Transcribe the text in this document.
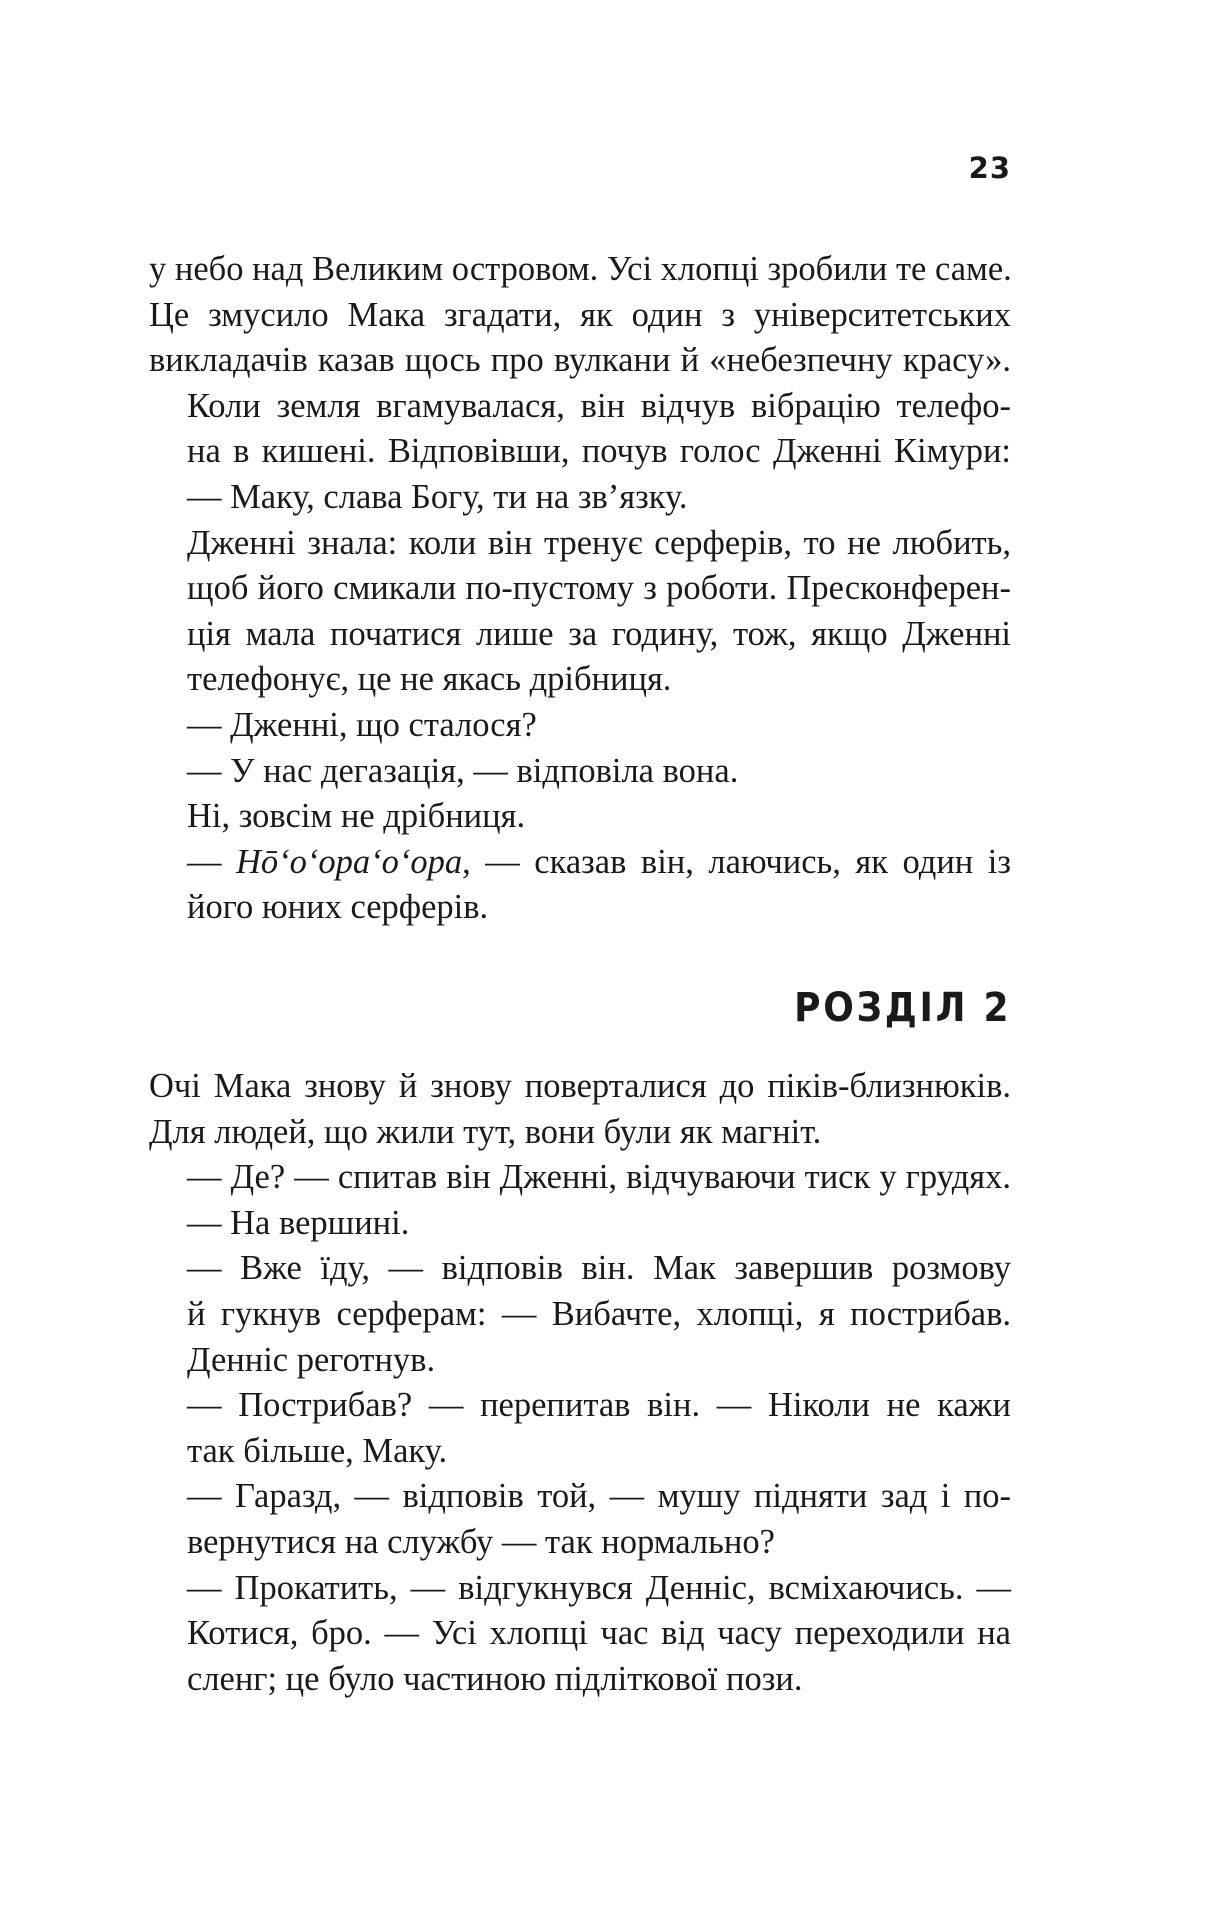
23

у небо над Великим островом. Усі хлопці зробили те саме.
Це змусило Мака згадати, як один з університетських
викладачів казав щось про вулкани й «небезпечну красу».

Коли земля вгамувалася, він відчув вібрацію телефо-
на в кишені. Відповівши, почув голос Дженні Кімури:

— Маку, слава Богу, ти на зв’язку.

Дженні знала: коли він тренує серферів, то не любить,
щоб його смикали по-пустому з роботи. Пресконферен-
ція мала початися лише за годину, тож, якщо Дженні
телефонує, це не якась дрібниця.

— Дженні, що сталося?

— У нас дегазація, — відповіла вона.

Ні, зовсім не дрібниця.

— Hō‘o‘opa‘o‘opa, — сказав він, лаючись, як один із
його юних серферів.

РОЗДІЛ 2

Очі Мака знову й знову поверталися до піків-близнюків.
Для людей, що жили тут, вони були як магніт.

— Де? — спитав він Дженні, відчуваючи тиск у грудях.

— На вершині.

— Вже їду, — відповів він. Мак завершив розмову
й гукнув серферам: — Вибачте, хлопці, я пострибав.

Денніс реготнув.

— Пострибав? — перепитав він. — Ніколи не кажи
так більше, Маку.

— Гаразд, — відповів той, — мушу підняти зад і по-
вернутися на службу — так нормально?

— Прокатить, — відгукнувся Денніс, всміхаючись. —
Котися, бро. — Усі хлопці час від часу переходили на
сленг; це було частиною підліткової пози.
